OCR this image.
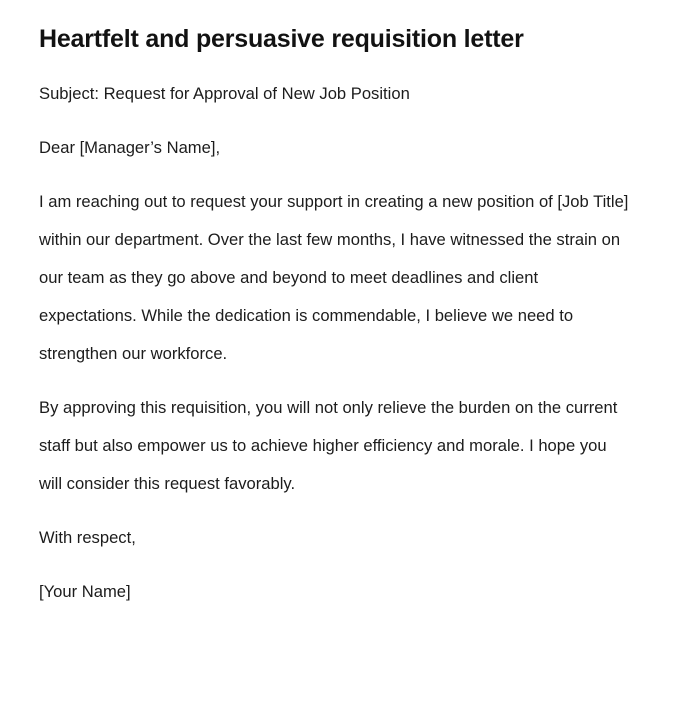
Heartfelt and persuasive requisition letter

Subject: Request for Approval of New Job Position

Dear [Manager’s Name],

I am reaching out to request your support in creating a new position of [Job Title] within our department. Over the last few months, I have witnessed the strain on our team as they go above and beyond to meet deadlines and client expectations. While the dedication is commendable, I believe we need to strengthen our workforce.

By approving this requisition, you will not only relieve the burden on the current staff but also empower us to achieve higher efficiency and morale. I hope you will consider this request favorably.

With respect,

[Your Name]
